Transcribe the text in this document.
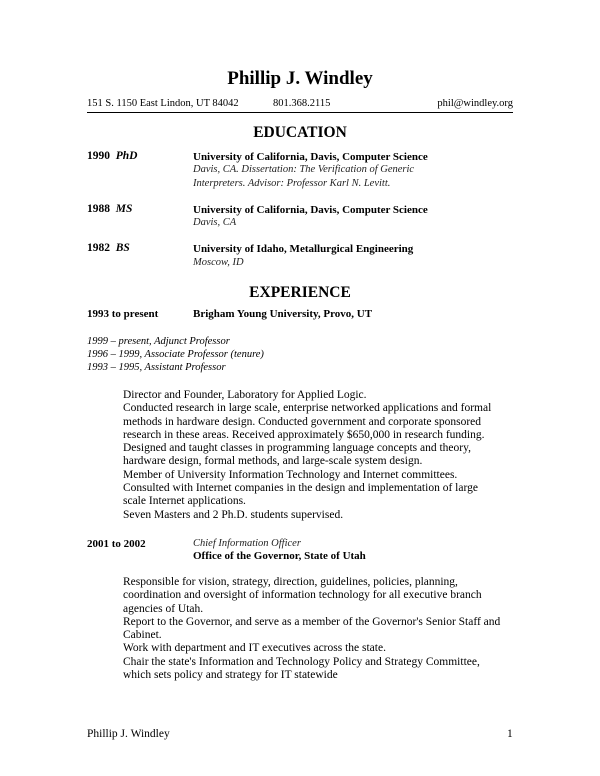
Phillip J. Windley
151 S. 1150 East Lindon, UT 84042	801.368.2115	phil@windley.org
EDUCATION
1990 PhD	University of California, Davis, Computer Science
Davis, CA. Dissertation: The Verification of Generic
Interpreters. Advisor: Professor Karl N. Levitt.
1988 MS	University of California, Davis, Computer Science
Davis, CA
1982 BS	University of Idaho, Metallurgical Engineering
Moscow, ID
EXPERIENCE
1993 to present	Brigham Young University, Provo, UT
1999 – present, Adjunct Professor
1996 – 1999, Associate Professor (tenure)
1993 – 1995, Assistant Professor
Director and Founder, Laboratory for Applied Logic.
Conducted research in large scale, enterprise networked applications and formal
methods in hardware design. Conducted government and corporate sponsored
research in these areas. Received approximately $650,000 in research funding.
Designed and taught classes in programming language concepts and theory,
hardware design, formal methods, and large-scale system design.
Member of University Information Technology and Internet committees.
Consulted with Internet companies in the design and implementation of large
scale Internet applications.
Seven Masters and 2 Ph.D. students supervised.
2001 to 2002	Chief Information Officer
Office of the Governor, State of Utah
Responsible for vision, strategy, direction, guidelines, policies, planning,
coordination and oversight of information technology for all executive branch
agencies of Utah.
Report to the Governor, and serve as a member of the Governor's Senior Staff and
Cabinet.
Work with department and IT executives across the state.
Chair the state's Information and Technology Policy and Strategy Committee,
which sets policy and strategy for IT statewide
Phillip J. Windley	1
